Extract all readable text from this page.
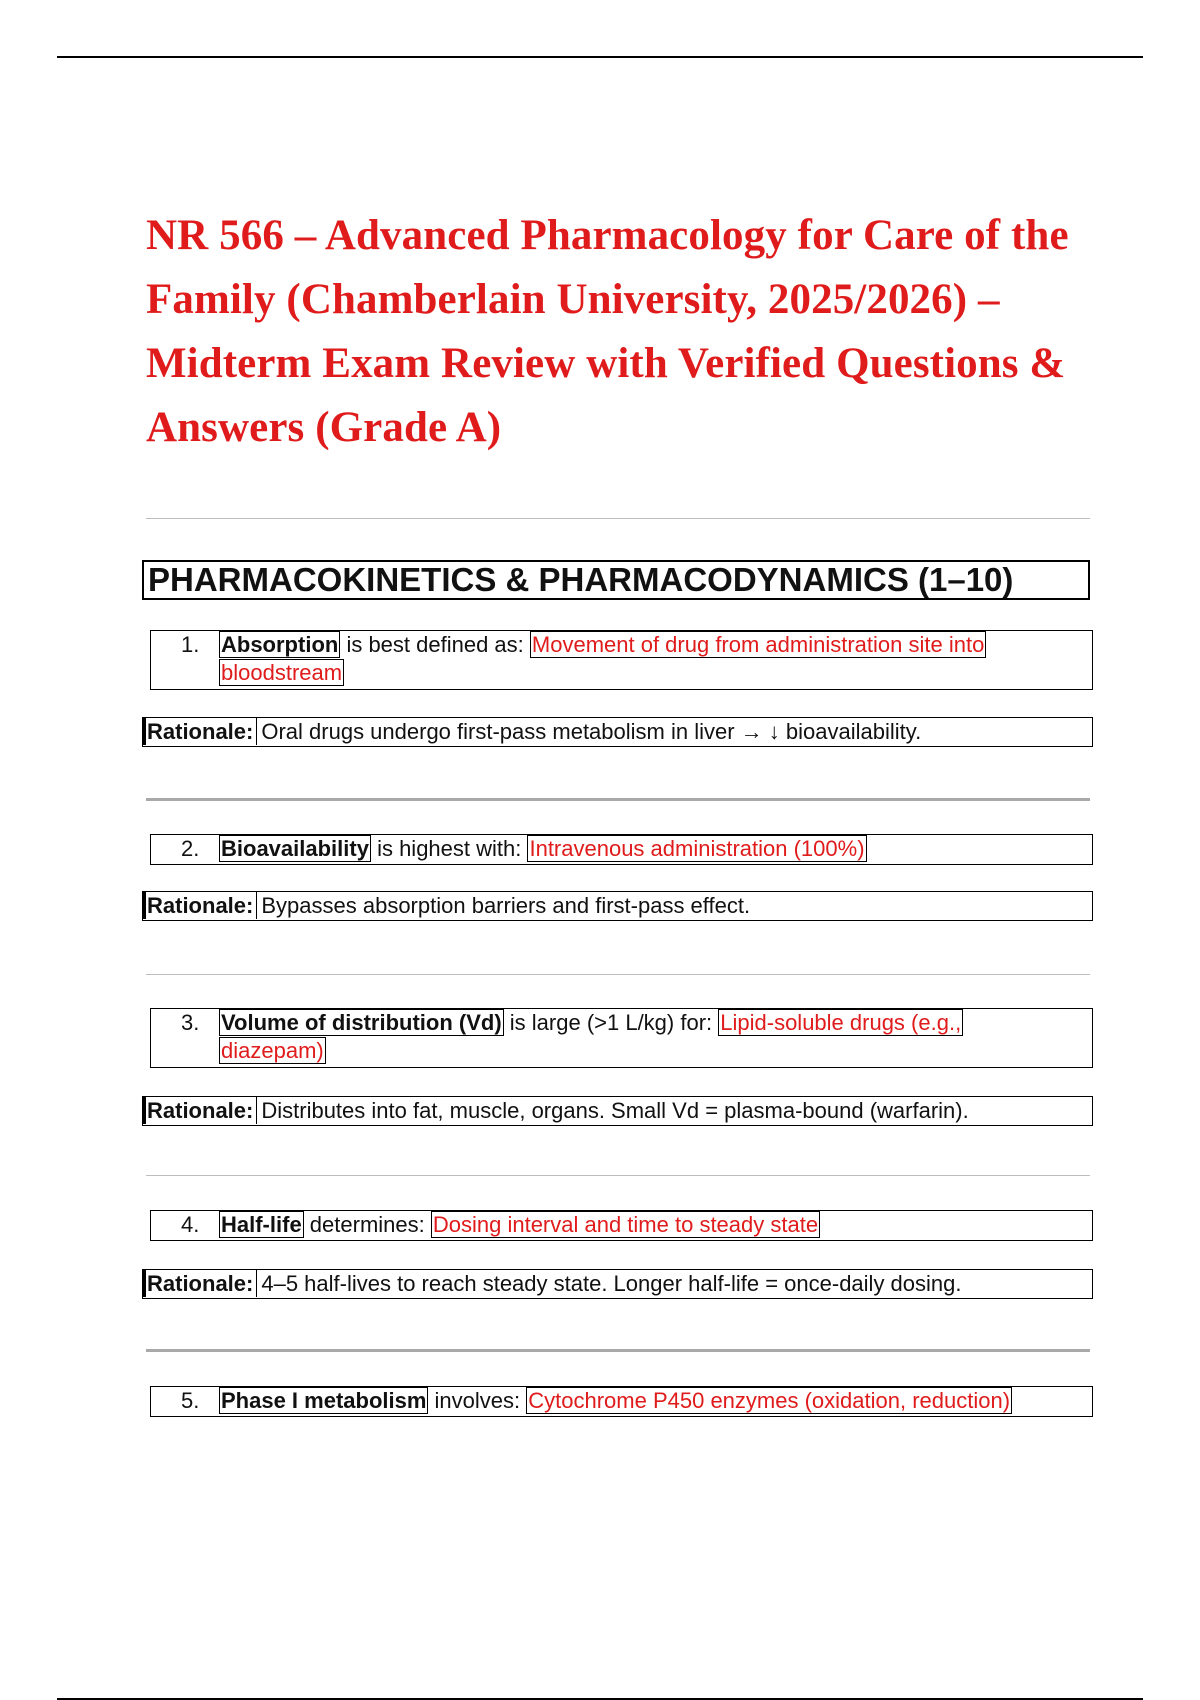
NR 566 – Advanced Pharmacology for Care of the Family (Chamberlain University, 2025/2026) – Midterm Exam Review with Verified Questions & Answers (Grade A)
PHARMACOKINETICS & PHARMACODYNAMICS (1–10)
1. Absorption is best defined as: Movement of drug from administration site into bloodstream
Rationale: Oral drugs undergo first-pass metabolism in liver → ↓ bioavailability.
2. Bioavailability is highest with: Intravenous administration (100%)
Rationale: Bypasses absorption barriers and first-pass effect.
3. Volume of distribution (Vd) is large (>1 L/kg) for: Lipid-soluble drugs (e.g., diazepam)
Rationale: Distributes into fat, muscle, organs. Small Vd = plasma-bound (warfarin).
4. Half-life determines: Dosing interval and time to steady state
Rationale: 4–5 half-lives to reach steady state. Longer half-life = once-daily dosing.
5. Phase I metabolism involves: Cytochrome P450 enzymes (oxidation, reduction)
